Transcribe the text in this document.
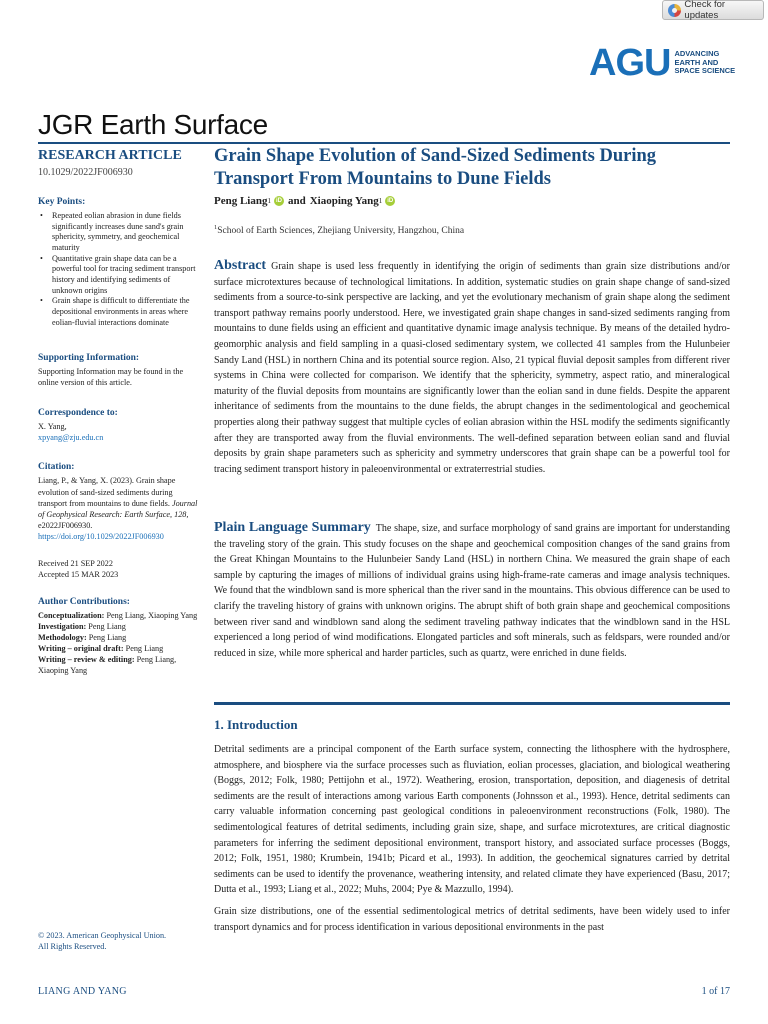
Check for updates
AGU ADVANCING
EARTH AND
SPACE SCIENCE
JGR Earth Surface
RESEARCH ARTICLE
10.1029/2022JF006930
Key Points:
• Repeated eolian abrasion in dune fields significantly increases dune sand's grain sphericity, symmetry, and geochemical maturity
• Quantitative grain shape data can be a powerful tool for tracing sediment transport history and identifying sediments of unknown origins
• Grain shape is difficult to differentiate the depositional environments in areas where eolian-fluvial interactions dominate
Supporting Information:
Supporting Information may be found in the online version of this article.
Correspondence to:
X. Yang,
xpyang@zju.edu.cn
Citation:
Liang, P., & Yang, X. (2023). Grain shape evolution of sand-sized sediments during transport from mountains to dune fields. Journal of Geophysical Research: Earth Surface, 128, e2022JF006930. https://doi.org/10.1029/2022JF006930
Received 21 SEP 2022
Accepted 15 MAR 2023
Author Contributions:
Conceptualization: Peng Liang, Xiaoping Yang
Investigation: Peng Liang
Methodology: Peng Liang
Writing – original draft: Peng Liang
Writing – review & editing: Peng Liang, Xiaoping Yang
© 2023. American Geophysical Union.
All Rights Reserved.
Grain Shape Evolution of Sand-Sized Sediments During Transport From Mountains to Dune Fields
Peng Liang 1 iD and Xiaoping Yang 1 iD
$^1$School of Earth Sciences, Zhejiang University, Hangzhou, China
Abstract Grain shape is used less frequently in identifying the origin of sediments than grain size distributions and/or surface microtextures because of technological limitations. In addition, systematic studies on grain shape change of sand-sized sediments from a source-to-sink perspective are lacking, and yet the evolutionary mechanism of grain shape along the sediment transport pathway remains poorly understood. Here, we investigated grain shape changes in sand-sized sediments ranging from mountains to dune fields using an efficient and quantitative dynamic image analysis technique. By means of the detailed hydro-geomorphic analysis and field sampling in a quasi-closed sedimentary system, we collected 41 samples from the Hulunbeier Sandy Land (HSL) in northern China and its potential source region. Also, 21 typical fluvial deposit samples from different river systems in China were collected for comparison. We identify that the sphericity, symmetry, aspect ratio, and mineralogical maturity of the fluvial deposits from mountains are significantly lower than the eolian sand in dune fields. Despite the apparent inheritance of sediments from the mountains to the dune fields, the abrupt changes in the sedimentological and geochemical properties along their pathway suggest that multiple cycles of eolian abrasion within the HSL modify the sediments significantly after they are transported away from the fluvial environments. The well-defined separation between eolian sand and fluvial deposits by grain shape parameters such as sphericity and symmetry underscores that grain shape can be a powerful tool for tracing sediment transport history in paleoenvironmental or extraterrestrial studies.
Plain Language Summary The shape, size, and surface morphology of sand grains are important for understanding the traveling story of the grain. This study focuses on the shape and geochemical composition changes of the sand grains from the Great Khingan Mountains to the Hulunbeier Sandy Land (HSL) in northern China. We measured the grain shape of each sample by capturing the images of millions of individual grains using high-frame-rate cameras and image analysis techniques. We found that the windblown sand is more spherical than the river sand in the mountains. This obvious difference can be used to clarify the traveling history of grains with unknown origins. The abrupt shift of both grain shape and geochemical compositions between river sand and windblown sand along the sediment traveling pathway indicates that the windblown sand in the HSL experienced a long period of wind modifications. Elongated particles and soft minerals, such as feldspars, were rounded and/or reduced in size, while more spherical and harder particles, such as quartz, were enriched in dune fields.
1. Introduction

Detrital sediments are a principal component of the Earth surface system, connecting the lithosphere with the hydrosphere, atmosphere, and biosphere via the surface processes such as fluviation, eolian processes, glaciation, and biological weathering (Boggs, 2012; Folk, 1980; Pettijohn et al., 1972). Weathering, erosion, transportation, deposition, and diagenesis of detrital sediments are the result of interactions among various Earth components (Johnsson et al., 1993). Hence, detrital sediments can carry valuable information concerning past geological conditions in paleoenvironment reconstructions (Folk, 1980). The sedimentological features of detrital sediments, including grain size, shape, and surface microtextures, are critical diagnostic parameters for inferring the sediment depositional environment, transport history, and associated surface processes (Boggs, 2012; Folk, 1951, 1980; Krumbein, 1941b; Picard et al., 1993). In addition, the geochemical signatures carried by detrital sediments can be used to identify the provenance, weathering intensity, and related climate they have experienced (Basu, 2017; Dutta et al., 1993; Liang et al., 2022; Muhs, 2004; Pye & Mazzullo, 1994).

Grain size distributions, one of the essential sedimentological metrics of detrital sediments, have been widely used to infer transport dynamics and for process identification in various depositional environments in the past

LIANG AND YANG	1 of 17
